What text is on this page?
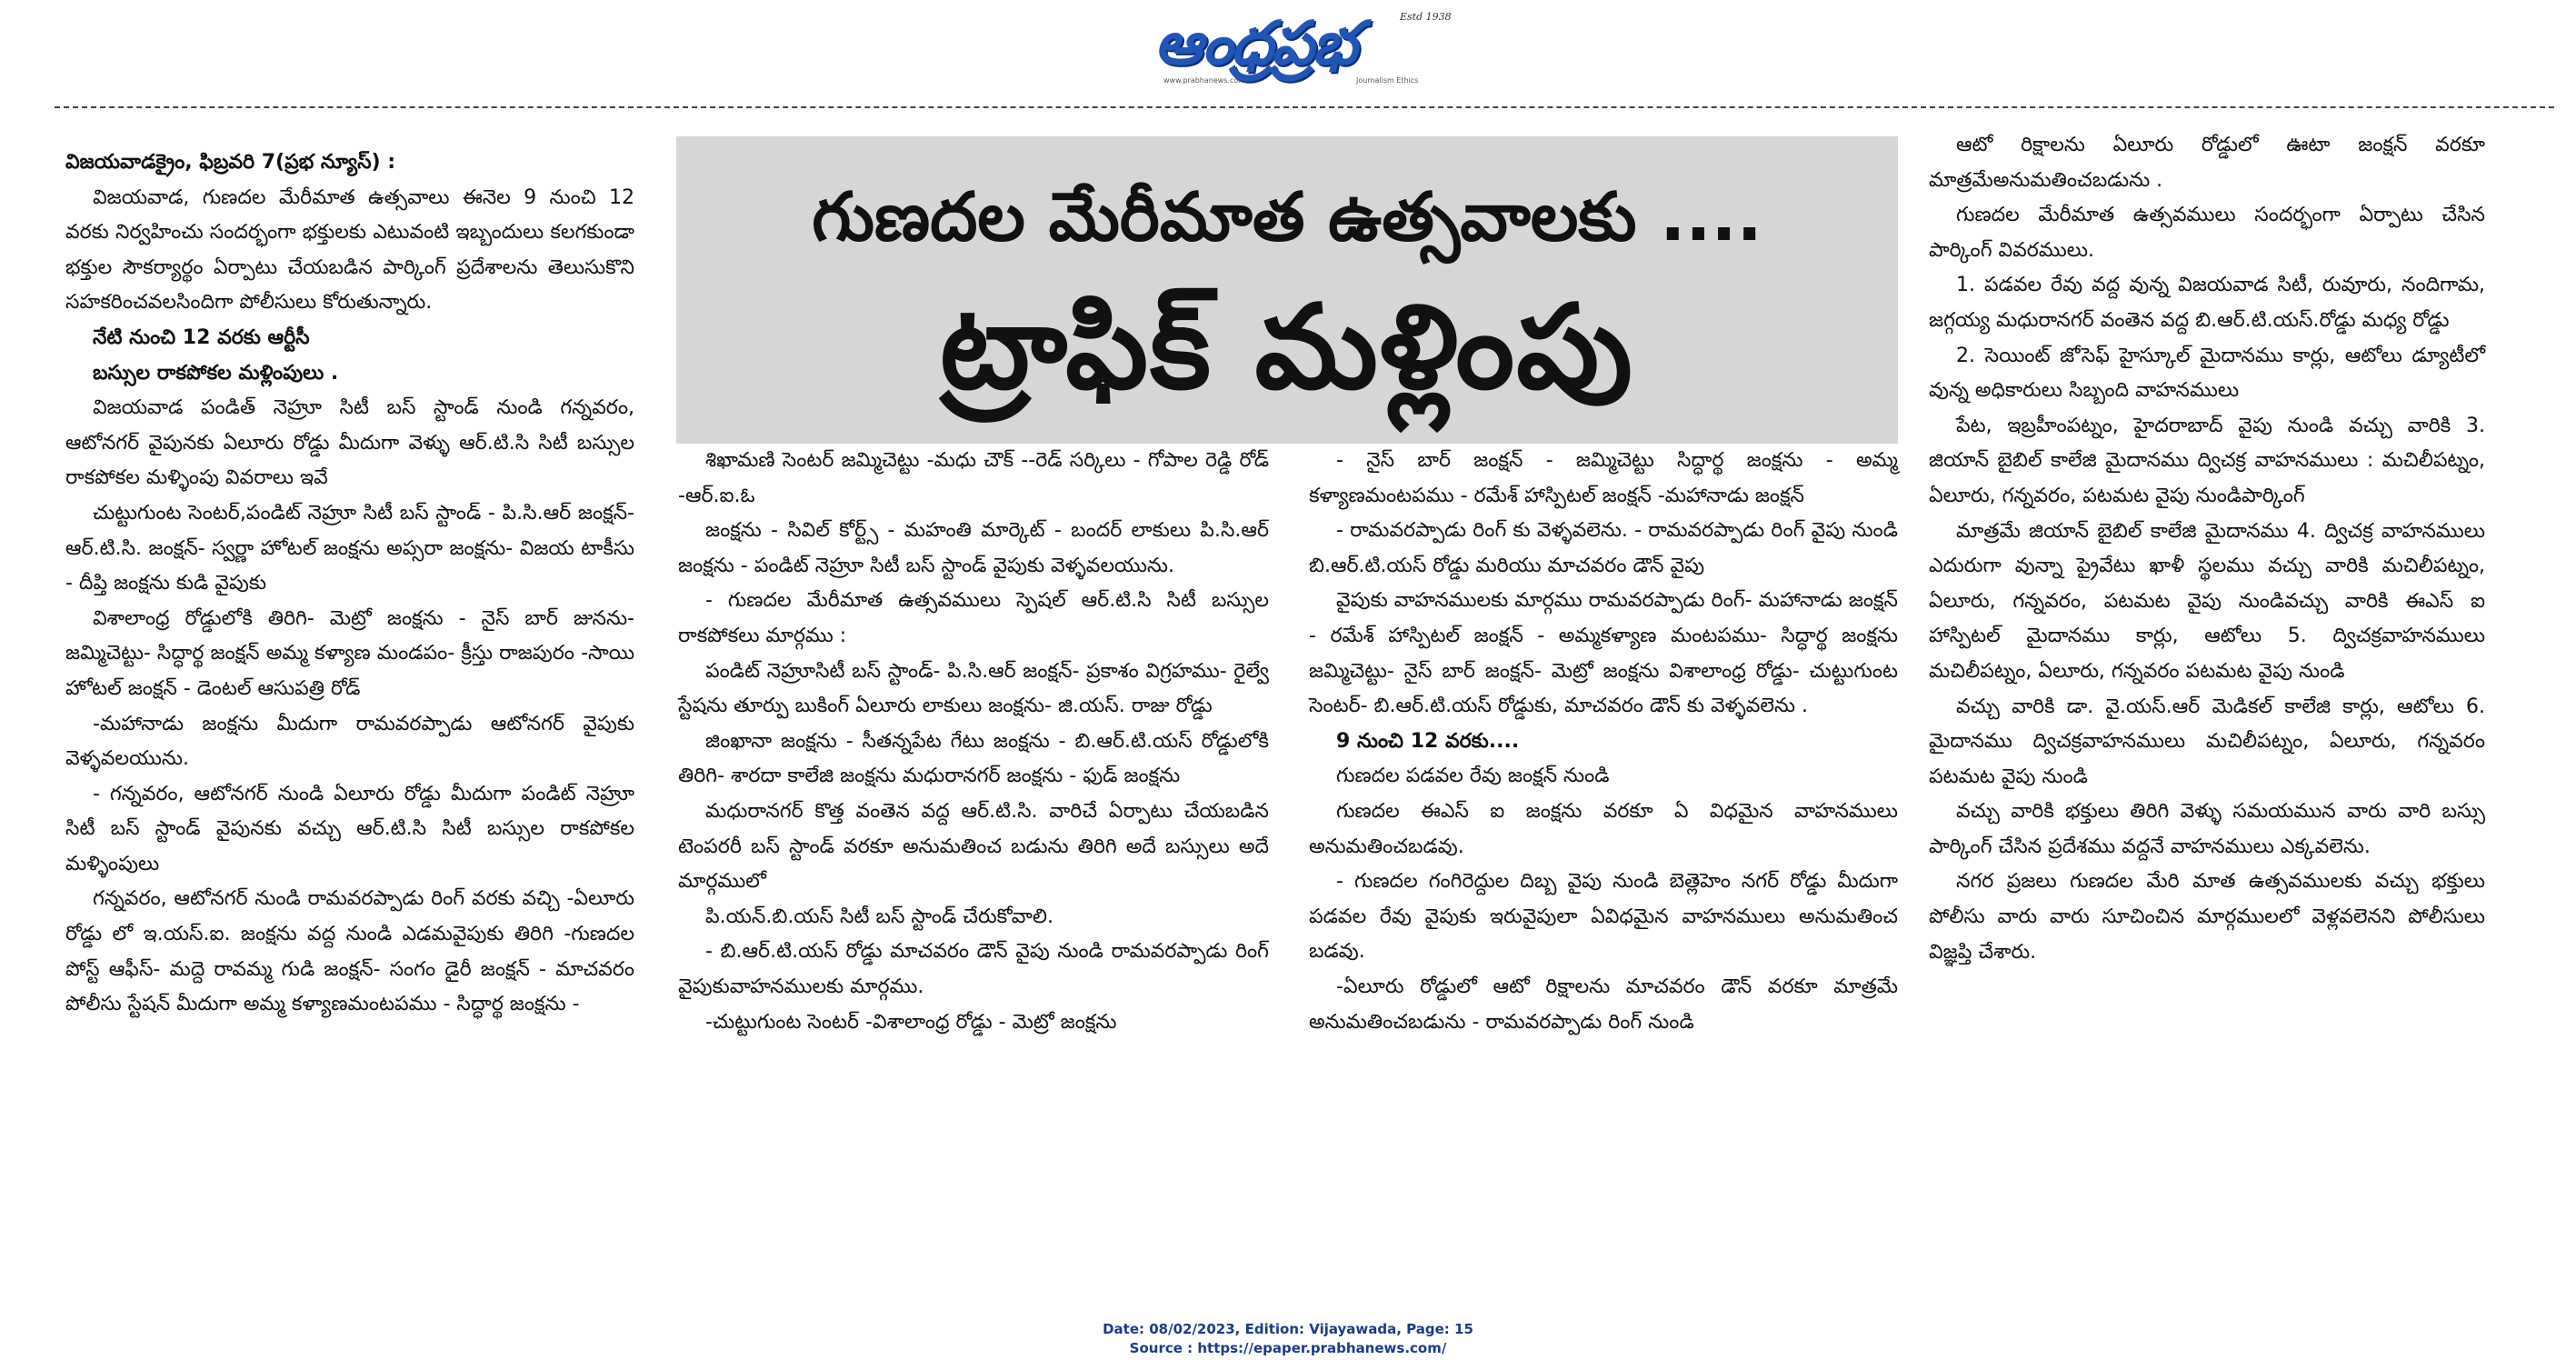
ఆంధ్రప్రభ	Estd 1938
www.prabhanews.com	Journalism Ethics
గుణదల మేరీమాత ఉత్సవాలకు ....
ట్రాఫిక్ మళ్లింపు

విజయవాడక్రైం, ఫిబ్రవరి 7(ప్రభ న్యూస్) :

విజయవాడ, గుణదల మేరీమాత ఉత్సవాలు ఈనెల 9 నుంచి 12 వరకు నిర్వహించు సందర్భంగా భక్తులకు ఎటువంటి ఇబ్బందులు కలగకుండా భక్తుల సౌకర్యార్థం ఏర్పాటు చేయబడిన పార్కింగ్ ప్రదేశాలను తెలుసుకొని సహకరించవలసిందిగా పోలీసులు కోరుతున్నారు.

నేటి నుంచి 12 వరకు ఆర్టీసీ

బస్సుల రాకపోకల మళ్లింపులు .

విజయవాడ పండిత్ నెహ్రూ సిటీ బస్ స్టాండ్ నుండి గన్నవరం, ఆటోనగర్ వైపునకు ఏలూరు రోడ్డు మీదుగా వెళ్ళు ఆర్.టి.సి సిటీ బస్సుల రాకపోకల మళ్ళింపు వివరాలు ఇవే

చుట్టుగుంట సెంటర్,పండిట్ నెహ్రూ సిటీ బస్ స్టాండ్ - పి.సి.ఆర్ జంక్షన్- ఆర్.టి.సి. జంక్షన్- స్వర్ణా హోటల్ జంక్షను అప్సరా జంక్షను- విజయ టాకీసు - దీప్తి జంక్షను కుడి వైపుకు

విశాలాంధ్ర రోడ్డులోకి తిరిగి- మెట్రో జంక్షను - నైస్ బార్ జునను- జమ్మిచెట్టు- సిద్ధార్థ జంక్షన్ అమ్మ కళ్యాణ మండపం- క్రీస్తు రాజపురం -సాయి హోటల్ జంక్షన్ - డెంటల్ ఆసుపత్రి రోడ్

-మహానాడు జంక్షను మీదుగా రామవరప్పాడు ఆటోనగర్ వైపుకు వెళ్ళవలయును.

- గన్నవరం, ఆటోనగర్ నుండి ఏలూరు రోడ్డు మీదుగా పండిట్ నెహ్రూ సిటీ బస్ స్టాండ్ వైపునకు వచ్చు ఆర్.టి.సి సిటీ బస్సుల రాకపోకల మళ్ళింపులు

గన్నవరం, ఆటోనగర్ నుండి రామవరప్పాడు రింగ్ వరకు వచ్చి -ఏలూరు రోడ్డు లో ఇ.యస్.ఐ. జంక్షను వద్ద నుండి ఎడమవైపుకు తిరిగి -గుణదల పోస్ట్ ఆఫీస్- మద్దె రావమ్మ గుడి జంక్షన్- సంగం డైరీ జంక్షన్ - మాచవరం పోలీసు స్టేషన్ మీదుగా అమ్మ కళ్యాణమంటపము - సిద్ధార్థ జంక్షను -

శిఖామణి సెంటర్ జమ్మిచెట్టు -మధు చౌక్ --రెడ్ సర్కిలు - గోపాల రెడ్డి రోడ్ -ఆర్.ఐ.ఓ

జంక్షను - సివిల్ కోర్ట్స్ - మహంతి మార్కెట్ - బందర్ లాకులు పి.సి.ఆర్ జంక్షను - పండిట్ నెహ్రూ సిటీ బస్ స్టాండ్ వైపుకు వెళ్ళవలయును.

- గుణదల మేరీమాత ఉత్సవములు స్పెషల్ ఆర్.టి.సి సిటీ బస్సుల రాకపోకలు మార్గము :

పండిట్ నెహ్రూసిటీ బస్ స్టాండ్- పి.సి.ఆర్ జంక్షన్- ప్రకాశం విగ్రహము- రైల్వే స్టేషను తూర్పు బుకింగ్ ఏలూరు లాకులు జంక్షను- జి.యస్. రాజు రోడ్డు

జింఖానా జంక్షను - సీతన్నపేట గేటు జంక్షను - బి.ఆర్.టి.యస్ రోడ్డులోకి తిరిగి- శారదా కాలేజి జంక్షను మధురానగర్ జంక్షను - ఫుడ్ జంక్షను

మధురానగర్ కొత్త వంతెన వద్ద ఆర్.టి.సి. వారిచే ఏర్పాటు చేయబడిన టెంపరరీ బస్ స్టాండ్ వరకూ అనుమతించ బడును తిరిగి అదే బస్సులు అదే మార్గములో

పి.యన్.బి.యస్ సిటీ బస్ స్టాండ్ చేరుకోవాలి.

- బి.ఆర్.టి.యస్ రోడ్డు మాచవరం డౌన్ వైపు నుండి రామవరప్పాడు రింగ్ వైపుకువాహనములకు మార్గము.

-చుట్టుగుంట సెంటర్ -విశాలాంధ్ర రోడ్డు - మెట్రో జంక్షను

- నైస్ బార్ జంక్షన్ - జమ్మిచెట్టు సిద్ధార్థ జంక్షను - అమ్మ కళ్యాణమంటపము - రమేశ్ హాస్పిటల్ జంక్షన్ -మహానాడు జంక్షన్

- రామవరప్పాడు రింగ్ కు వెళ్ళవలెను. - రామవరప్పాడు రింగ్ వైపు నుండి బి.ఆర్.టి.యస్ రోడ్డు మరియు మాచవరం డౌన్ వైపు

వైపుకు వాహనములకు మార్గము రామవరప్పాడు రింగ్- మహానాడు జంక్షన్ - రమేశ్ హాస్పిటల్ జంక్షన్ - అమ్మకళ్యాణ మంటపము- సిద్ధార్థ జంక్షను జమ్మిచెట్టు- నైస్ బార్ జంక్షన్- మెట్రో జంక్షను విశాలాంధ్ర రోడ్డు- చుట్టుగుంట సెంటర్- బి.ఆర్.టి.యస్ రోడ్డుకు, మాచవరం డౌన్ కు వెళ్ళవలెను .

9 నుంచి 12 వరకు....

గుణదల పడవల రేవు జంక్షన్ నుండి

గుణదల ఈఎస్ ఐ జంక్షను వరకూ ఏ విధమైన వాహనములు అనుమతించబడవు.

- గుణదల గంగిరెద్దుల దిబ్బ వైపు నుండి బెత్లెహెం నగర్ రోడ్డు మీదుగా పడవల రేవు వైపుకు ఇరువైపులా ఏవిధమైన వాహనములు అనుమతించ బడవు.

-ఏలూరు రోడ్డులో ఆటో రిక్షాలను మాచవరం డౌన్ వరకూ మాత్రమే అనుమతించబడును - రామవరప్పాడు రింగ్ నుండి

ఆటో రిక్షాలను ఏలూరు రోడ్డులో ఊటా జంక్షన్ వరకూ మాత్రమేఅనుమతించబడును .

గుణదల మేరీమాత ఉత్సవములు సందర్భంగా ఏర్పాటు చేసిన పార్కింగ్ వివరములు.

1. పడవల రేవు వద్ద వున్న విజయవాడ సిటీ, రువూరు, నందిగామ, జగ్గయ్య మధురానగర్ వంతెన వద్ద బి.ఆర్.టి.యస్.రోడ్డు మధ్య రోడ్డు

2. సెయింట్ జోసెఫ్ హైస్కూల్ మైదానము కార్లు, ఆటోలు డ్యూటీలో వున్న అధికారులు సిబ్బంది వాహనములు

పేట, ఇబ్రహీంపట్నం, హైదరాబాద్ వైపు నుండి వచ్చు వారికి 3. జియాన్ బైబిల్ కాలేజి మైదానము ద్విచక్ర వాహనములు : మచిలీపట్నం, ఏలూరు, గన్నవరం, పటమట వైపు నుండిపార్కింగ్

మాత్రమే జియాన్ బైబిల్ కాలేజి మైదానము 4. ద్విచక్ర వాహనములు ఎదురుగా వున్నా ప్రైవేటు ఖాళీ స్థలము వచ్చు వారికి మచిలీపట్నం, ఏలూరు, గన్నవరం, పటమట వైపు నుండివచ్చు వారికి ఈఎస్ ఐ హాస్పిటల్ మైదానము కార్లు, ఆటోలు 5. ద్విచక్రవాహనములు మచిలీపట్నం, ఏలూరు, గన్నవరం పటమట వైపు నుండి

వచ్చు వారికి డా. వై.యస్.ఆర్ మెడికల్ కాలేజి కార్లు, ఆటోలు 6. మైదానము ద్విచక్రవాహనములు మచిలీపట్నం, ఏలూరు, గన్నవరం పటమట వైపు నుండి

వచ్చు వారికి భక్తులు తిరిగి వెళ్ళు సమయమున వారు వారి బస్సు పార్కింగ్ చేసిన ప్రదేశము వద్దనే వాహనములు ఎక్కవలెను.

నగర ప్రజలు గుణదల మేరి మాత ఉత్సవములకు వచ్చు భక్తులు పోలీసు వారు వారు సూచించిన మార్గములలో వెళ్లవలెనని పోలీసులు విజ్ఞప్తి చేశారు.

Date: 08/02/2023, Edition: Vijayawada, Page: 15
Source : https://epaper.prabhanews.com/
